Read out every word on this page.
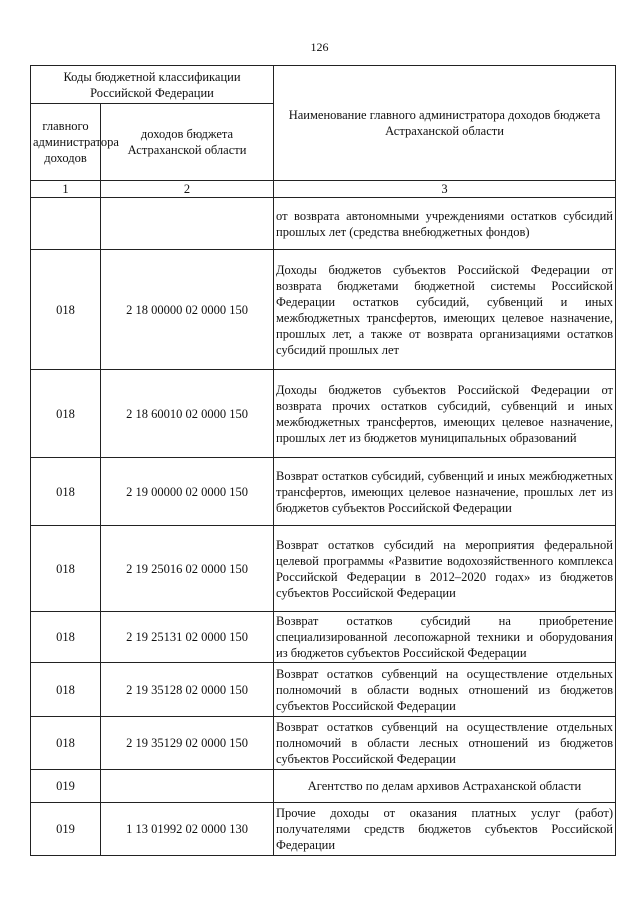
126
Коды бюджетной классификации Российской Федерации		Наименование главного администратора доходов бюджета Астраханской области
главного администратора доходов	доходов бюджета Астраханской области	
1	2	3
		от возврата автономными учреждениями остатков субсидий прошлых лет (средства внебюджетных фондов)
018	2 18 00000 02 0000 150	Доходы бюджетов субъектов Российской Федерации от возврата бюджетами бюджетной системы Российской Федерации остатков субсидий, субвенций и иных межбюджетных трансфертов, имеющих целевое назначение, прошлых лет, а также от возврата организациями остатков субсидий прошлых лет
018	2 18 60010 02 0000 150	Доходы бюджетов субъектов Российской Федерации от возврата прочих остатков субсидий, субвенций и иных межбюджетных трансфертов, имеющих целевое назначение, прошлых лет из бюджетов муниципальных образований
018	2 19 00000 02 0000 150	Возврат остатков субсидий, субвенций и иных межбюджетных трансфертов, имеющих целевое назначение, прошлых лет из бюджетов субъектов Российской Федерации
018	2 19 25016 02 0000 150	Возврат остатков субсидий на мероприятия федеральной целевой программы «Развитие водохозяйственного комплекса Российской Федерации в 2012–2020 годах» из бюджетов субъектов Российской Федерации
018	2 19 25131 02 0000 150	Возврат остатков субсидий на приобретение специализированной лесопожарной техники и оборудования из бюджетов субъектов Российской Федерации
018	2 19 35128 02 0000 150	Возврат остатков субвенций на осуществление отдельных полномочий в области водных отношений из бюджетов субъектов Российской Федерации
018	2 19 35129 02 0000 150	Возврат остатков субвенций на осуществление отдельных полномочий в области лесных отношений из бюджетов субъектов Российской Федерации
019		Агентство по делам архивов Астраханской области
019	1 13 01992 02 0000 130	Прочие доходы от оказания платных услуг (работ) получателями средств бюджетов субъектов Российской Федерации
